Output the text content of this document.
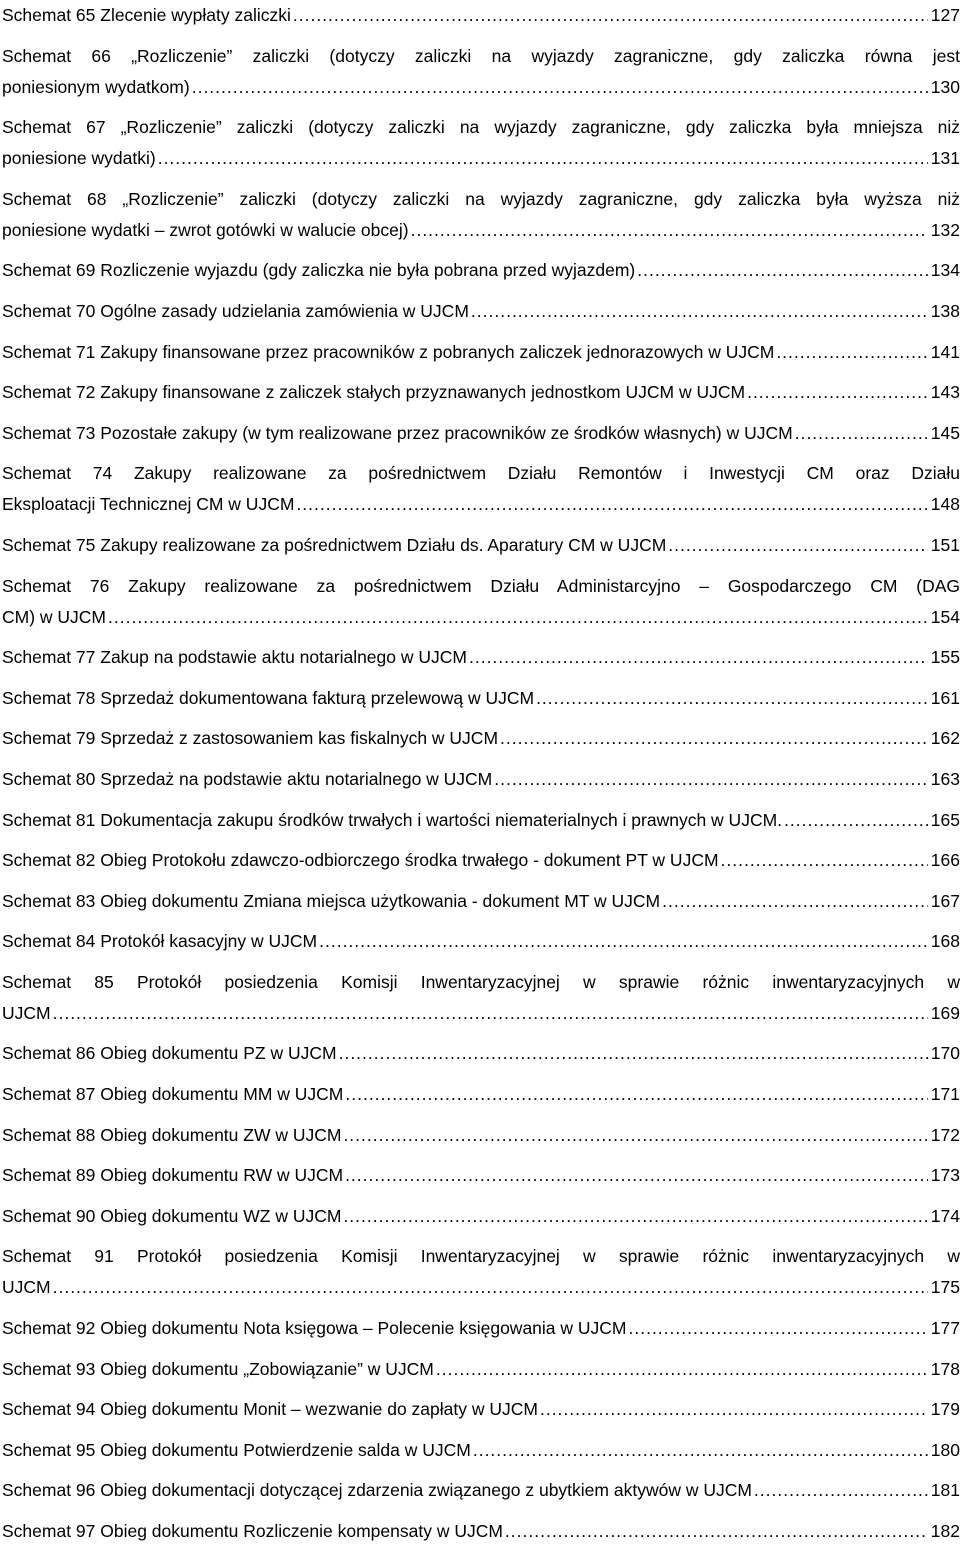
Schemat 65 Zlecenie wypłaty zaliczki .....	127
Schemat 66 „Rozliczenie” zaliczki (dotyczy zaliczki na wyjazdy zagraniczne, gdy zaliczka równa jest
poniesionym wydatkom) .....	130
Schemat 67 „Rozliczenie” zaliczki (dotyczy zaliczki na wyjazdy zagraniczne, gdy zaliczka była mniejsza niż
poniesione wydatki) .....	131
Schemat 68 „Rozliczenie” zaliczki (dotyczy zaliczki na wyjazdy zagraniczne, gdy zaliczka była wyższa niż
poniesione wydatki – zwrot gotówki w walucie obcej) .....	132
Schemat 69 Rozliczenie wyjazdu (gdy zaliczka nie była pobrana przed wyjazdem) .....	134
Schemat 70 Ogólne zasady udzielania zamówienia w UJCM .....	138
Schemat 71 Zakupy finansowane przez pracowników z pobranych zaliczek jednorazowych w UJCM .....	141
Schemat 72 Zakupy finansowane z zaliczek stałych przyznawanych jednostkom UJCM w UJCM .....	143
Schemat 73 Pozostałe zakupy (w tym realizowane przez pracowników ze środków własnych) w UJCM .....	145
Schemat 74 Zakupy realizowane za pośrednictwem Działu Remontów i Inwestycji CM oraz Działu
Eksploatacji Technicznej CM w UJCM .....	148
Schemat 75 Zakupy realizowane za pośrednictwem Działu ds. Aparatury CM w UJCM .....	151
Schemat 76 Zakupy realizowane za pośrednictwem Działu Administarcyjno – Gospodarczego CM (DAG
CM) w UJCM .....	154
Schemat 77 Zakup na podstawie aktu notarialnego w UJCM .....	155
Schemat 78 Sprzedaż dokumentowana fakturą przelewową w UJCM .....	161
Schemat 79 Sprzedaż z zastosowaniem kas fiskalnych w UJCM .....	162
Schemat 80 Sprzedaż na podstawie aktu notarialnego w UJCM .....	163
Schemat 81 Dokumentacja zakupu środków trwałych i wartości niematerialnych i prawnych w UJCM. .....	165
Schemat 82 Obieg Protokołu zdawczo-odbiorczego środka trwałego - dokument PT w UJCM .....	166
Schemat 83 Obieg dokumentu Zmiana miejsca użytkowania - dokument MT w UJCM .....	167
Schemat 84 Protokół kasacyjny w UJCM .....	168
Schemat 85 Protokół posiedzenia Komisji Inwentaryzacyjnej w sprawie różnic inwentaryzacyjnych w
UJCM .....	169
Schemat 86 Obieg dokumentu PZ w UJCM .....	170
Schemat 87 Obieg dokumentu MM w UJCM .....	171
Schemat 88 Obieg dokumentu ZW w UJCM .....	172
Schemat 89 Obieg dokumentu RW w UJCM .....	173
Schemat 90 Obieg dokumentu WZ w UJCM .....	174
Schemat 91 Protokół posiedzenia Komisji Inwentaryzacyjnej w sprawie różnic inwentaryzacyjnych w
UJCM .....	175
Schemat 92 Obieg dokumentu Nota księgowa – Polecenie księgowania w UJCM .....	177
Schemat 93 Obieg dokumentu „Zobowiązanie” w UJCM .....	178
Schemat 94 Obieg dokumentu Monit – wezwanie do zapłaty w UJCM .....	179
Schemat 95 Obieg dokumentu Potwierdzenie salda w UJCM .....	180
Schemat 96 Obieg dokumentacji dotyczącej zdarzenia związanego z ubytkiem aktywów w UJCM .....	181
Schemat 97 Obieg dokumentu Rozliczenie kompensaty w UJCM .....	182
